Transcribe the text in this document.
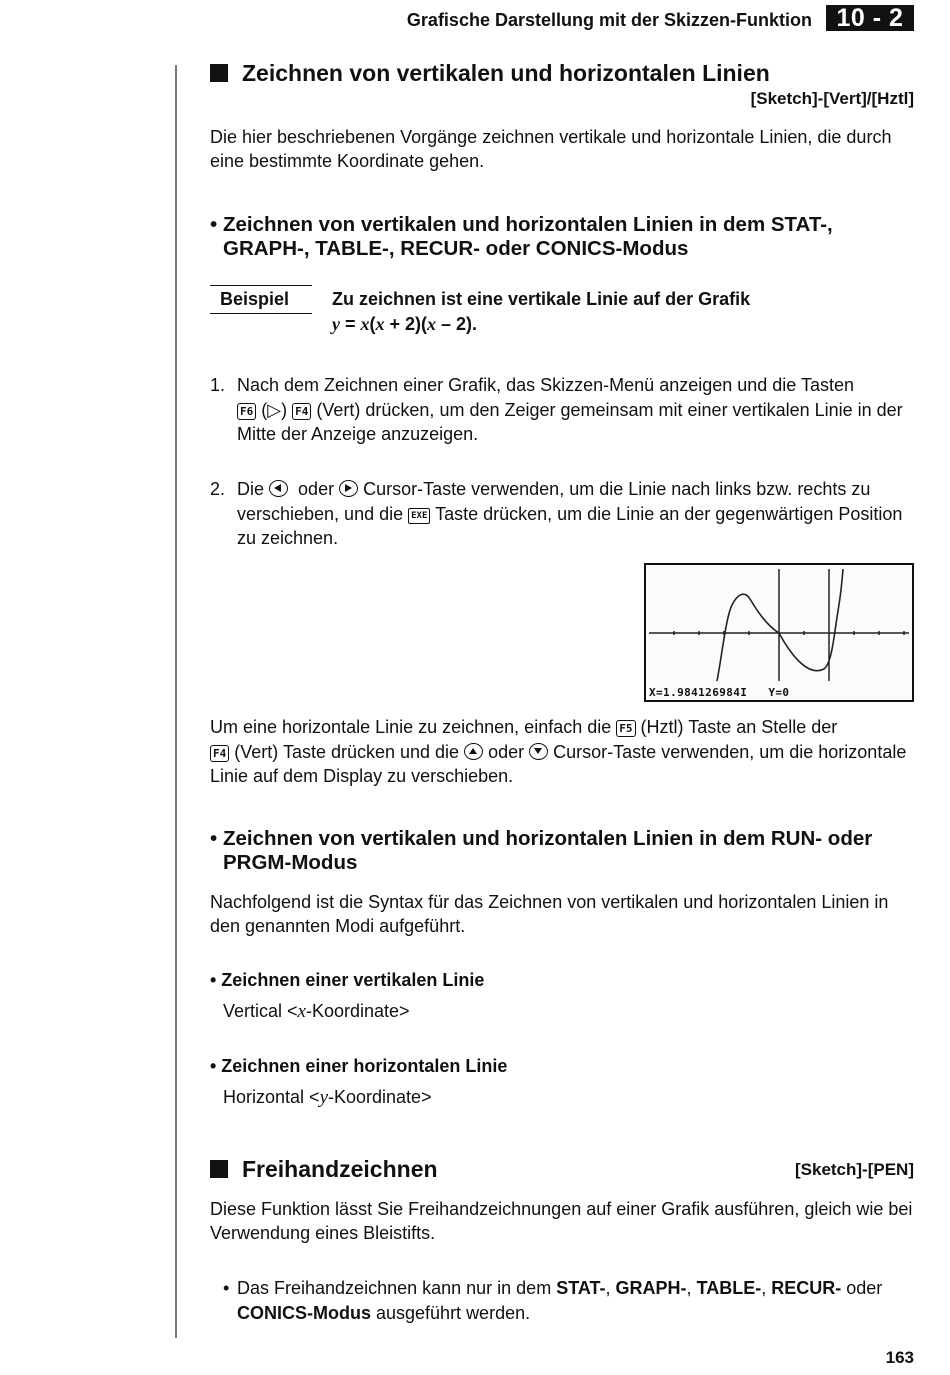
Grafische Darstellung mit der Skizzen-Funktion 10 - 2
Zeichnen von vertikalen und horizontalen Linien
[Sketch]-[Vert]/[Hztl]
Die hier beschriebenen Vorgänge zeichnen vertikale und horizontale Linien, die durch eine bestimmte Koordinate gehen.
• Zeichnen von vertikalen und horizontalen Linien in dem STAT-, GRAPH-, TABLE-, RECUR- oder CONICS-Modus
Beispiel	Zu zeichnen ist eine vertikale Linie auf der Grafik
y = x(x + 2)(x – 2).
1. Nach dem Zeichnen einer Grafik, das Skizzen-Menü anzeigen und die Tasten
F6 (▷) F4 (Vert) drücken, um den Zeiger gemeinsam mit einer vertikalen Linie in der Mitte der Anzeige anzuzeigen.
2. Die oder Cursor-Taste verwenden, um die Linie nach links bzw. rechts zu verschieben, und die EXE Taste drücken, um die Linie an der gegenwärtigen Position zu zeichnen.
X=1.984126984I   Y=0
Um eine horizontale Linie zu zeichnen, einfach die F5 (Hztl) Taste an Stelle der
F4 (Vert) Taste drücken und die oder Cursor-Taste verwenden, um die horizontale Linie auf dem Display zu verschieben.
• Zeichnen von vertikalen und horizontalen Linien in dem RUN- oder PRGM-Modus
Nachfolgend ist die Syntax für das Zeichnen von vertikalen und horizontalen Linien in den genannten Modi aufgeführt.
• Zeichnen einer vertikalen Linie
Vertical <x-Koordinate>
• Zeichnen einer horizontalen Linie
Horizontal <y-Koordinate>
Freihandzeichnen	[Sketch]-[PEN]
Diese Funktion lässt Sie Freihandzeichnungen auf einer Grafik ausführen, gleich wie bei Verwendung eines Bleistifts.
• Das Freihandzeichnen kann nur in dem STAT-, GRAPH-, TABLE-, RECUR- oder CONICS-Modus ausgeführt werden.
163
